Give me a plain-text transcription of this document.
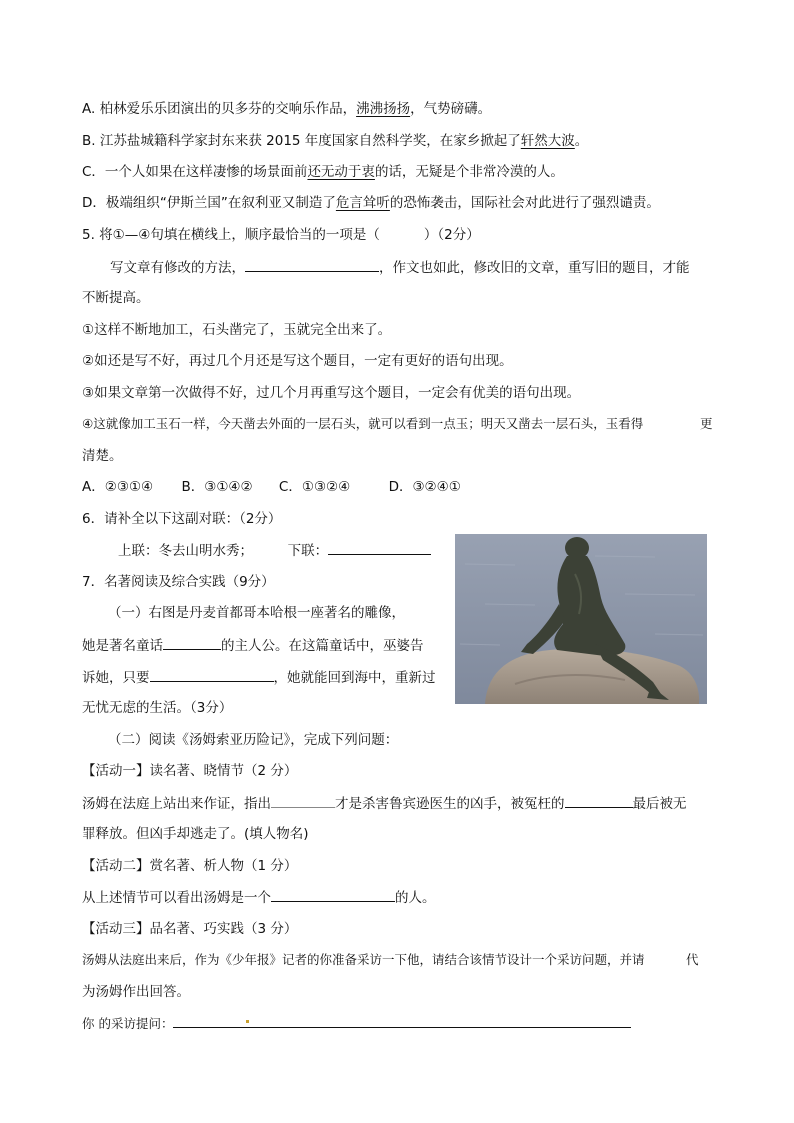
A. 柏林爱乐乐团演出的贝多芬的交响乐作品，沸沸扬扬，气势磅礴。
B. 江苏盐城籍科学家封东来获 2015 年度国家自然科学奖，在家乡掀起了轩然大波。
C．一个人如果在这样凄惨的场景面前还无动于衷的话，无疑是个非常冷漠的人。
D．极端组织“伊斯兰国”在叙利亚又制造了危言耸听的恐怖袭击，国际社会对此进行了强烈谴责。
5. 将①—④句填在横线上，顺序最恰当的一项是（	）（2分）
写文章有修改的方法，	，作文也如此，修改旧的文章，重写旧的题目，才能
不断提高。
①这样不断地加工，石头凿完了，玉就完全出来了。
②如还是写不好，再过几个月还是写这个题目，一定有更好的语句出现。
③如果文章第一次做得不好，过几个月再重写这个题目，一定会有优美的语句出现。
④这就像加工玉石一样，今天凿去外面的一层石头，就可以看到一点玉；明天又凿去一层石头，玉看得	更
清楚。
A．②③①④ B．③①④② C．①③②④	D．③②④①
6．请补全以下这副对联：（2分）
上联：冬去山明水秀；	下联：
7．名著阅读及综合实践（9分）
（一）右图是丹麦首都哥本哈根一座著名的雕像，
她是著名童话	的主人公。在这篇童话中，巫婆告
诉她，只要	，她就能回到海中，重新过
无忧无虑的生活。（3分）
（二）阅读《汤姆索亚历险记》，完成下列问题：
【活动一】读名著、晓情节（2 分）
汤姆在法庭上站出来作证，指出	才是杀害鲁宾逊医生的凶手，被冤枉的	最后被无
罪释放。但凶手却逃走了。(填人物名)
【活动二】赏名著、析人物（1 分）
从上述情节可以看出汤姆是一个	的人。
【活动三】品名著、巧实践（3 分）
汤姆从法庭出来后，作为《少年报》记者的你准备采访一下他，请结合该情节设计一个采访问题，并请	代
为汤姆作出回答。
你 的采访提问：
